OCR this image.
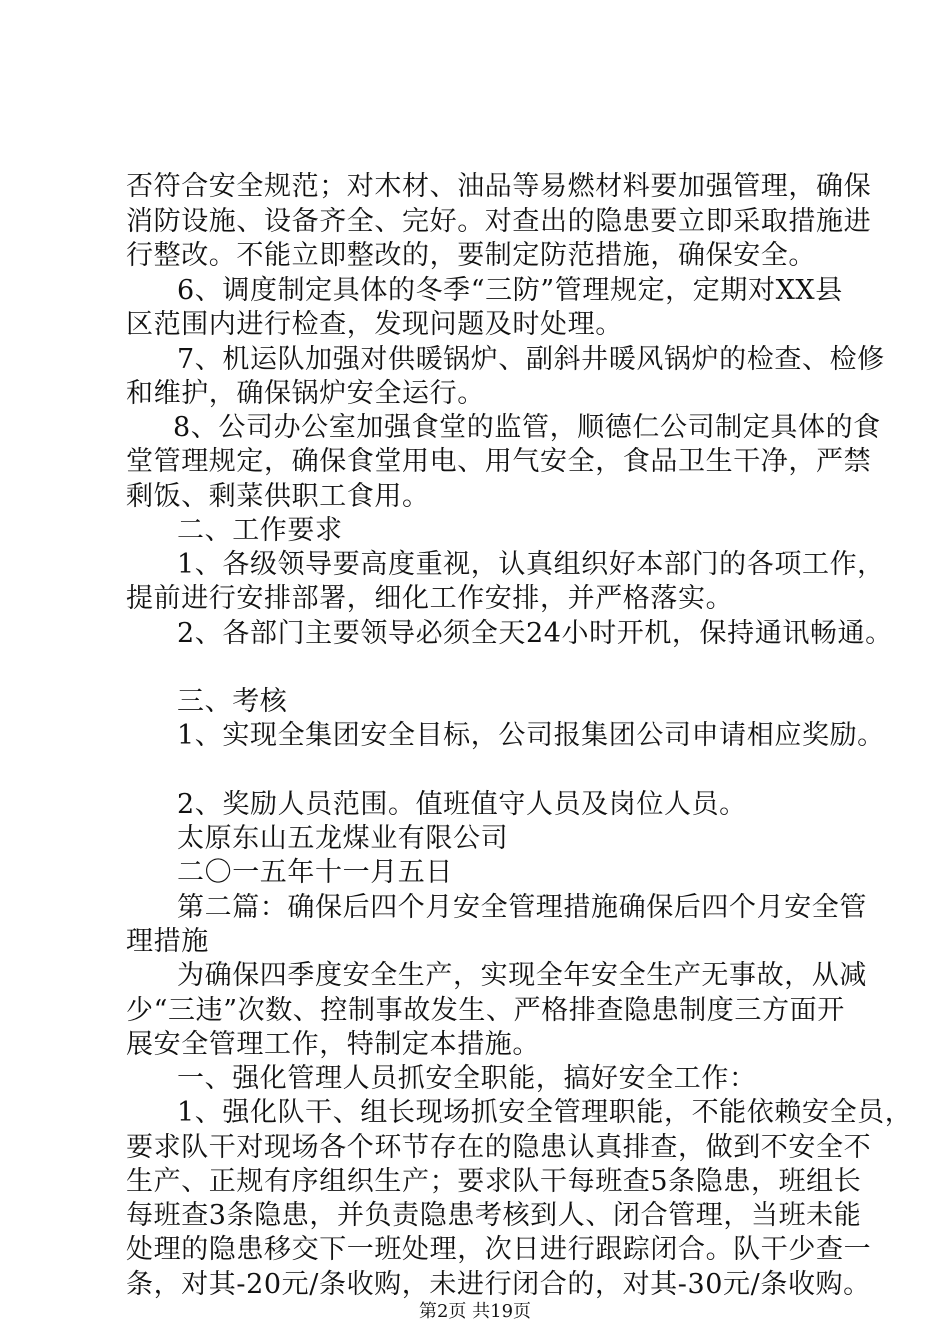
否符合安全规范；对木材、油品等易燃材料要加强管理，确保
消防设施、设备齐全、完好。对查出的隐患要立即采取措施进
行整改。不能立即整改的，要制定防范措施，确保安全。
6、调度制定具体的冬季“三防”管理规定，定期对XX县
区范围内进行检查，发现问题及时处理。
7、机运队加强对供暖锅炉、副斜井暖风锅炉的检查、检修
和维护，确保锅炉安全运行。
8、公司办公室加强食堂的监管，顺德仁公司制定具体的食
堂管理规定，确保食堂用电、用气安全，食品卫生干净，严禁
剩饭、剩菜供职工食用。
二、工作要求
1、各级领导要高度重视，认真组织好本部门的各项工作，
提前进行安排部署，细化工作安排，并严格落实。
2、各部门主要领导必须全天24小时开机，保持通讯畅通。
三、考核
1、实现全集团安全目标，公司报集团公司申请相应奖励。
2、奖励人员范围。值班值守人员及岗位人员。
太原东山五龙煤业有限公司
二〇一五年十一月五日
第二篇：确保后四个月安全管理措施确保后四个月安全管
理措施
为确保四季度安全生产，实现全年安全生产无事故，从减
少“三违”次数、控制事故发生、严格排查隐患制度三方面开
展安全管理工作，特制定本措施。
一、强化管理人员抓安全职能，搞好安全工作：
1、强化队干、组长现场抓安全管理职能，不能依赖安全员，
要求队干对现场各个环节存在的隐患认真排查，做到不安全不
生产、正规有序组织生产；要求队干每班查5条隐患，班组长
每班查3条隐患，并负责隐患考核到人、闭合管理，当班未能
处理的隐患移交下一班处理，次日进行跟踪闭合。队干少查一
条，对其-20元/条收购，未进行闭合的，对其-30元/条收购。
第2页 共19页
